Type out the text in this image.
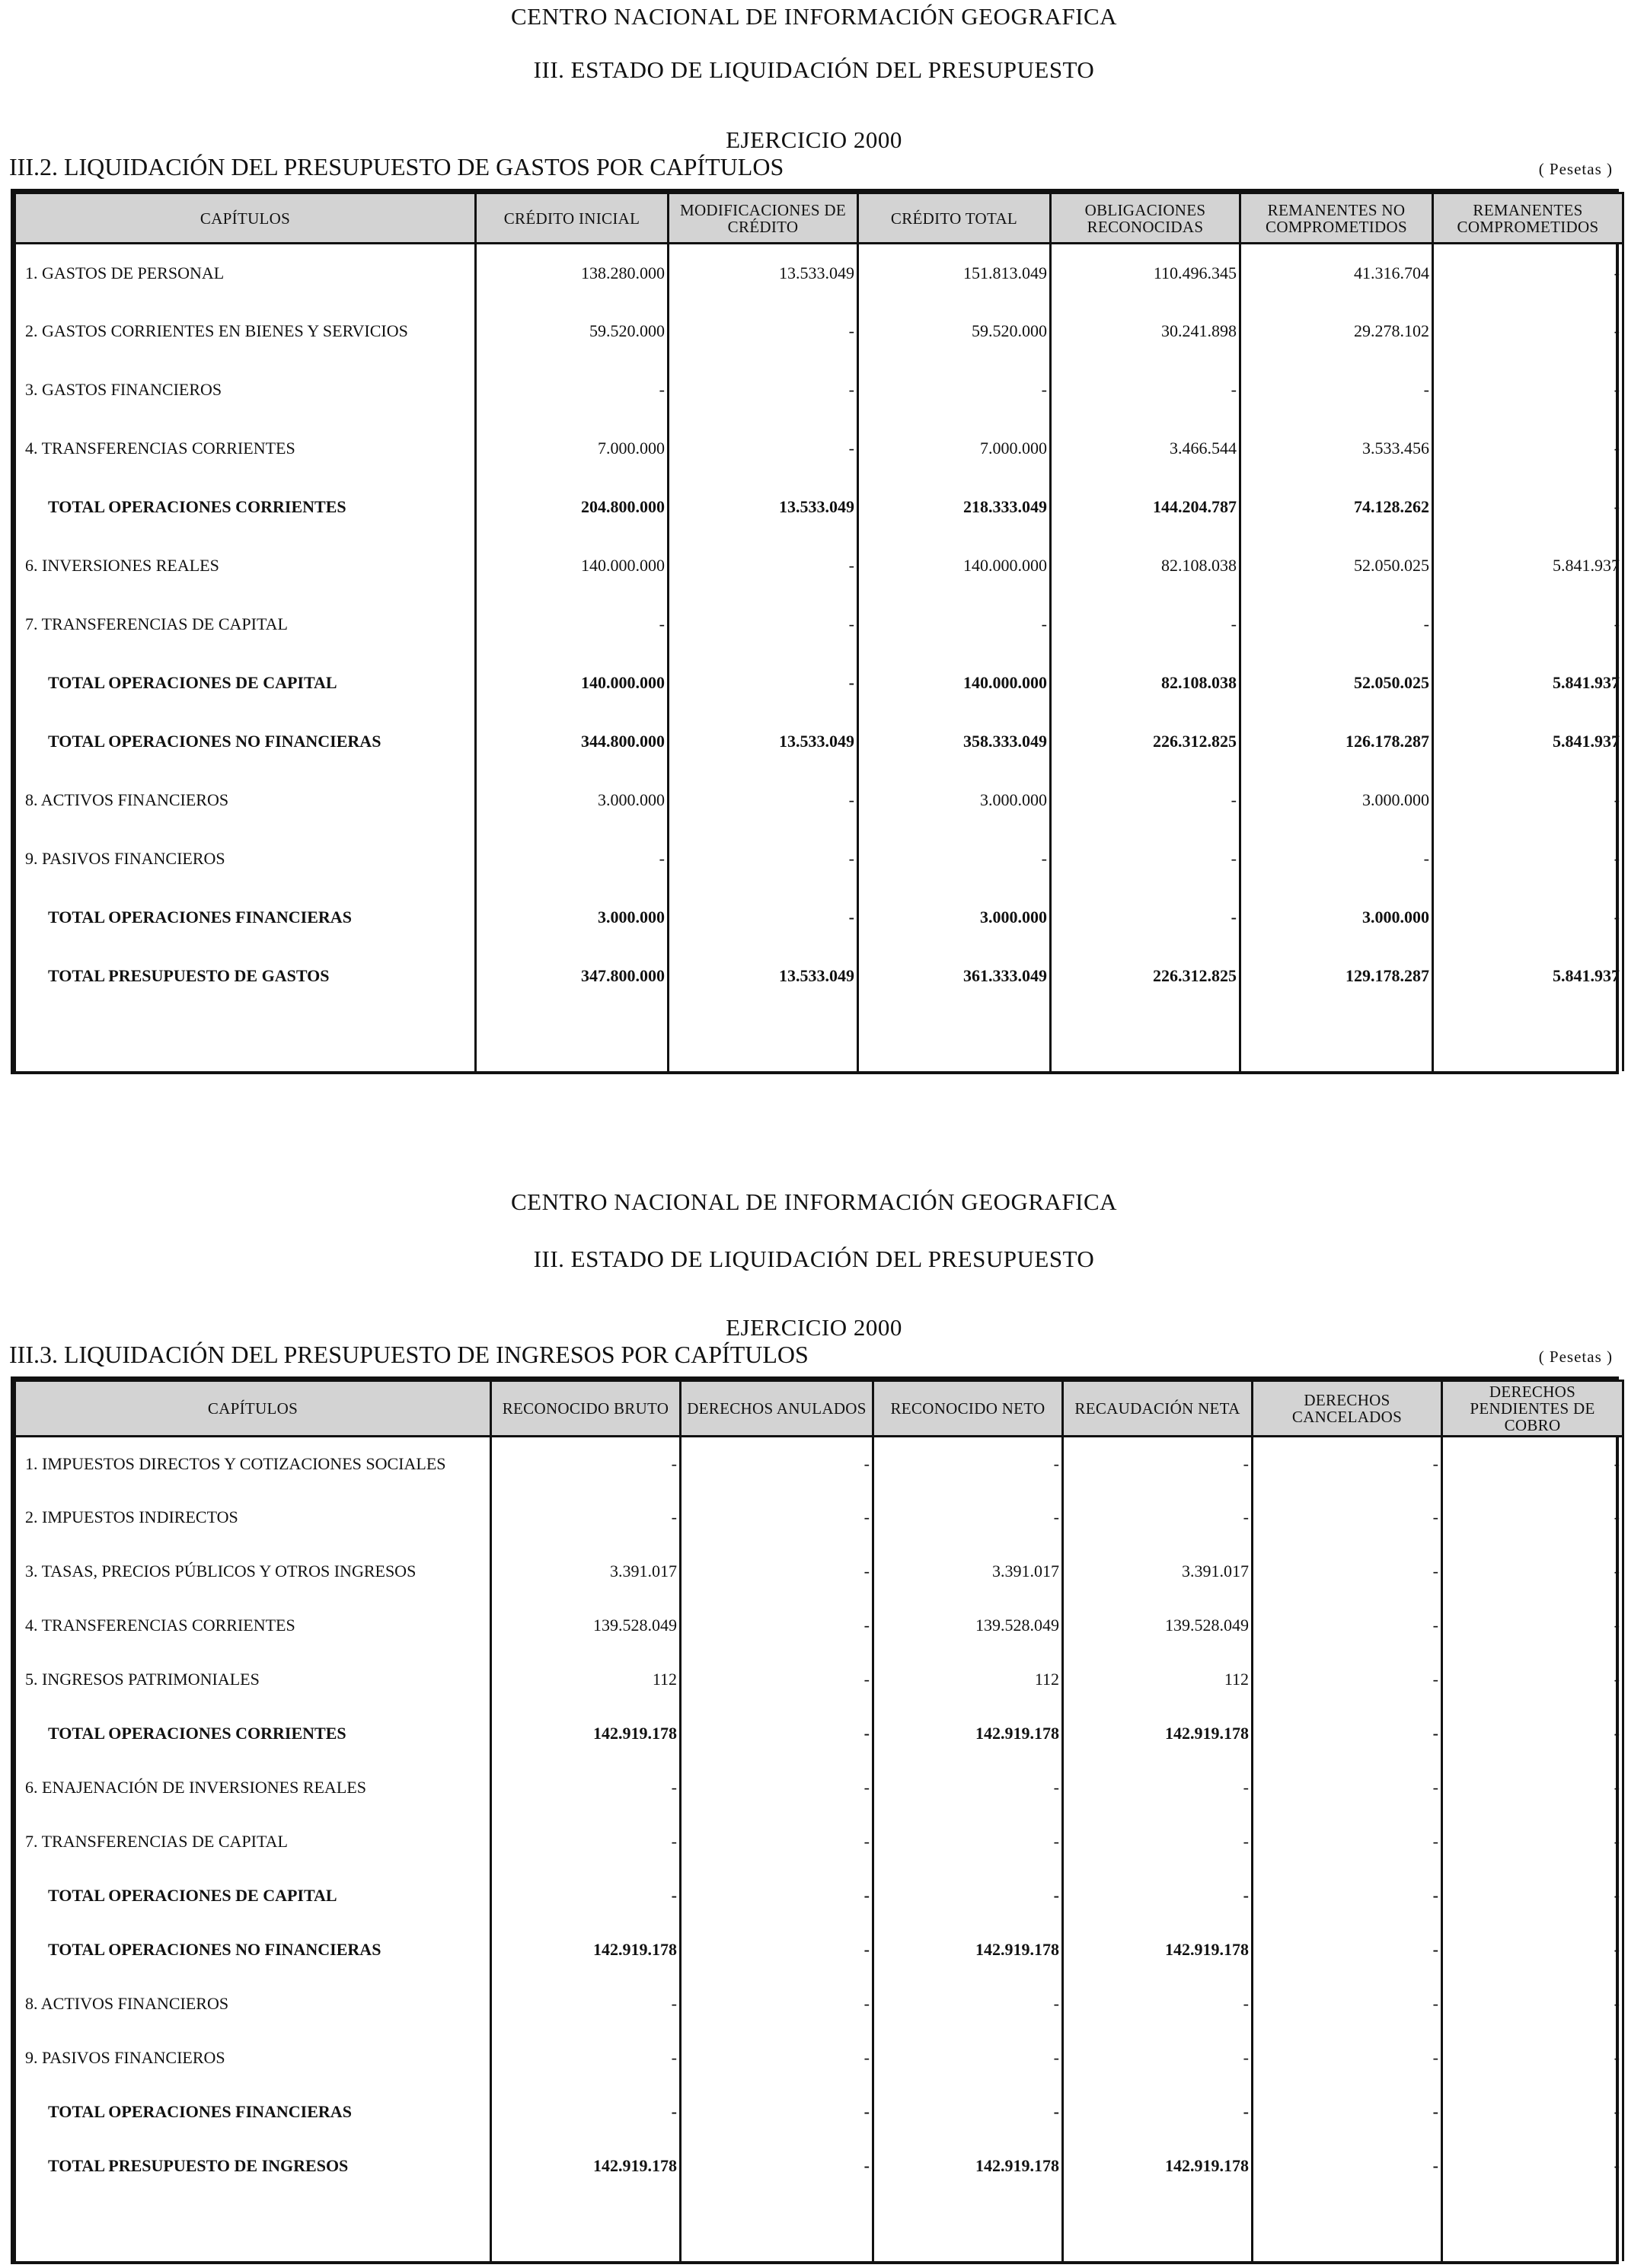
CENTRO NACIONAL DE INFORMACIÓN GEOGRAFICA
III. ESTADO DE LIQUIDACIÓN DEL PRESUPUESTO
EJERCICIO 2000
III.2. LIQUIDACIÓN DEL PRESUPUESTO DE GASTOS POR CAPÍTULOS	( Pesetas )
CAPÍTULOS	CRÉDITO INICIAL	MODIFICACIONES DE CRÉDITO	CRÉDITO TOTAL	OBLIGACIONES RECONOCIDAS	REMANENTES NO COMPROMETIDOS	REMANENTES COMPROMETIDOS
1. GASTOS DE PERSONAL	138.280.000	13.533.049	151.813.049	110.496.345	41.316.704	-
2. GASTOS CORRIENTES EN BIENES Y SERVICIOS	59.520.000	-	59.520.000	30.241.898	29.278.102	-
3. GASTOS FINANCIEROS	-	-	-	-	-	-
4. TRANSFERENCIAS CORRIENTES	7.000.000	-	7.000.000	3.466.544	3.533.456	-
TOTAL OPERACIONES CORRIENTES	204.800.000	13.533.049	218.333.049	144.204.787	74.128.262	-
6. INVERSIONES REALES	140.000.000	-	140.000.000	82.108.038	52.050.025	5.841.937
7. TRANSFERENCIAS DE CAPITAL	-	-	-	-	-	-
TOTAL OPERACIONES DE CAPITAL	140.000.000	-	140.000.000	82.108.038	52.050.025	5.841.937
TOTAL OPERACIONES NO FINANCIERAS	344.800.000	13.533.049	358.333.049	226.312.825	126.178.287	5.841.937
8. ACTIVOS FINANCIEROS	3.000.000	-	3.000.000	-	3.000.000	-
9. PASIVOS FINANCIEROS	-	-	-	-	-	-
TOTAL OPERACIONES FINANCIERAS	3.000.000	-	3.000.000	-	3.000.000	-
TOTAL PRESUPUESTO DE GASTOS	347.800.000	13.533.049	361.333.049	226.312.825	129.178.287	5.841.937

CENTRO NACIONAL DE INFORMACIÓN GEOGRAFICA
III. ESTADO DE LIQUIDACIÓN DEL PRESUPUESTO
EJERCICIO 2000
III.3. LIQUIDACIÓN DEL PRESUPUESTO DE INGRESOS POR CAPÍTULOS	( Pesetas )
CAPÍTULOS	RECONOCIDO BRUTO	DERECHOS ANULADOS	RECONOCIDO NETO	RECAUDACIÓN NETA	DERECHOS CANCELADOS	DERECHOS PENDIENTES DE COBRO
1. IMPUESTOS DIRECTOS Y COTIZACIONES SOCIALES	-	-	-	-	-	-
2. IMPUESTOS INDIRECTOS	-	-	-	-	-	-
3. TASAS, PRECIOS PÚBLICOS Y OTROS INGRESOS	3.391.017	-	3.391.017	3.391.017	-	-
4. TRANSFERENCIAS CORRIENTES	139.528.049	-	139.528.049	139.528.049	-	-
5. INGRESOS PATRIMONIALES	112	-	112	112	-	-
TOTAL OPERACIONES CORRIENTES	142.919.178	-	142.919.178	142.919.178	-	-
6. ENAJENACIÓN DE INVERSIONES REALES	-	-	-	-	-	-
7. TRANSFERENCIAS DE CAPITAL	-	-	-	-	-	-
TOTAL OPERACIONES DE CAPITAL	-	-	-	-	-	-
TOTAL OPERACIONES NO FINANCIERAS	142.919.178	-	142.919.178	142.919.178	-	-
8. ACTIVOS FINANCIEROS	-	-	-	-	-	-
9. PASIVOS FINANCIEROS	-	-	-	-	-	-
TOTAL OPERACIONES FINANCIERAS	-	-	-	-	-	-
TOTAL PRESUPUESTO DE INGRESOS	142.919.178	-	142.919.178	142.919.178	-	-
